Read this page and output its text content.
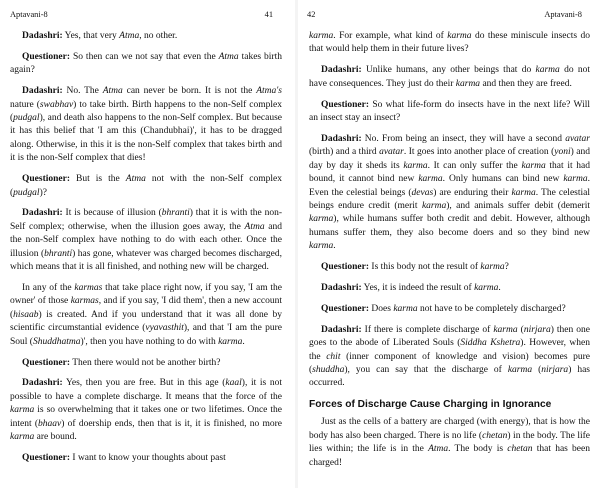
Aptavani-8	41

Dadashri: Yes, that very Atma, no other.

Questioner: So then can we not say that even the Atma takes birth again?

Dadashri: No. The Atma can never be born. It is not the Atma's nature (swabhav) to take birth. Birth happens to the non-Self complex (pudgal), and death also happens to the non-Self complex. But because it has this belief that 'I am this (Chandubhai)', it has to be dragged along. Otherwise, in this it is the non-Self complex that takes birth and it is the non-Self complex that dies!

Questioner: But is the Atma not with the non-Self complex (pudgal)?

Dadashri: It is because of illusion (bhranti) that it is with the non-Self complex; otherwise, when the illusion goes away, the Atma and the non-Self complex have nothing to do with each other. Once the illusion (bhranti) has gone, whatever was charged becomes discharged, which means that it is all finished, and nothing new will be charged.

In any of the karmas that take place right now, if you say, 'I am the owner' of those karmas, and if you say, 'I did them', then a new account (hisaab) is created. And if you understand that it was all done by scientific circumstantial evidence (vyavasthit), and that 'I am the pure Soul (Shuddhatma)', then you have nothing to do with karma.

Questioner: Then there would not be another birth?

Dadashri: Yes, then you are free. But in this age (kaal), it is not possible to have a complete discharge. It means that the force of the karma is so overwhelming that it takes one or two lifetimes. Once the intent (bhaav) of doership ends, then that is it, it is finished, no more karma are bound.

Questioner: I want to know your thoughts about past

42	Aptavani-8

karma. For example, what kind of karma do these miniscule insects do that would help them in their future lives?

Dadashri: Unlike humans, any other beings that do karma do not have consequences. They just do their karma and then they are freed.

Questioner: So what life-form do insects have in the next life? Will an insect stay an insect?

Dadashri: No. From being an insect, they will have a second avatar (birth) and a third avatar. It goes into another place of creation (yoni) and day by day it sheds its karma. It can only suffer the karma that it had bound, it cannot bind new karma. Only humans can bind new karma. Even the celestial beings (devas) are enduring their karma. The celestial beings endure credit (merit karma), and animals suffer debit (demerit karma), while humans suffer both credit and debit. However, although humans suffer them, they also become doers and so they bind new karma.

Questioner: Is this body not the result of karma?

Dadashri: Yes, it is indeed the result of karma.

Questioner: Does karma not have to be completely discharged?

Dadashri: If there is complete discharge of karma (nirjara) then one goes to the abode of Liberated Souls (Siddha Kshetra). However, when the chit (inner component of knowledge and vision) becomes pure (shuddha), you can say that the discharge of karma (nirjara) has occurred.

Forces of Discharge Cause Charging in Ignorance

Just as the cells of a battery are charged (with energy), that is how the body has also been charged. There is no life (chetan) in the body. The life lies within; the life is in the Atma. The body is chetan that has been charged!
